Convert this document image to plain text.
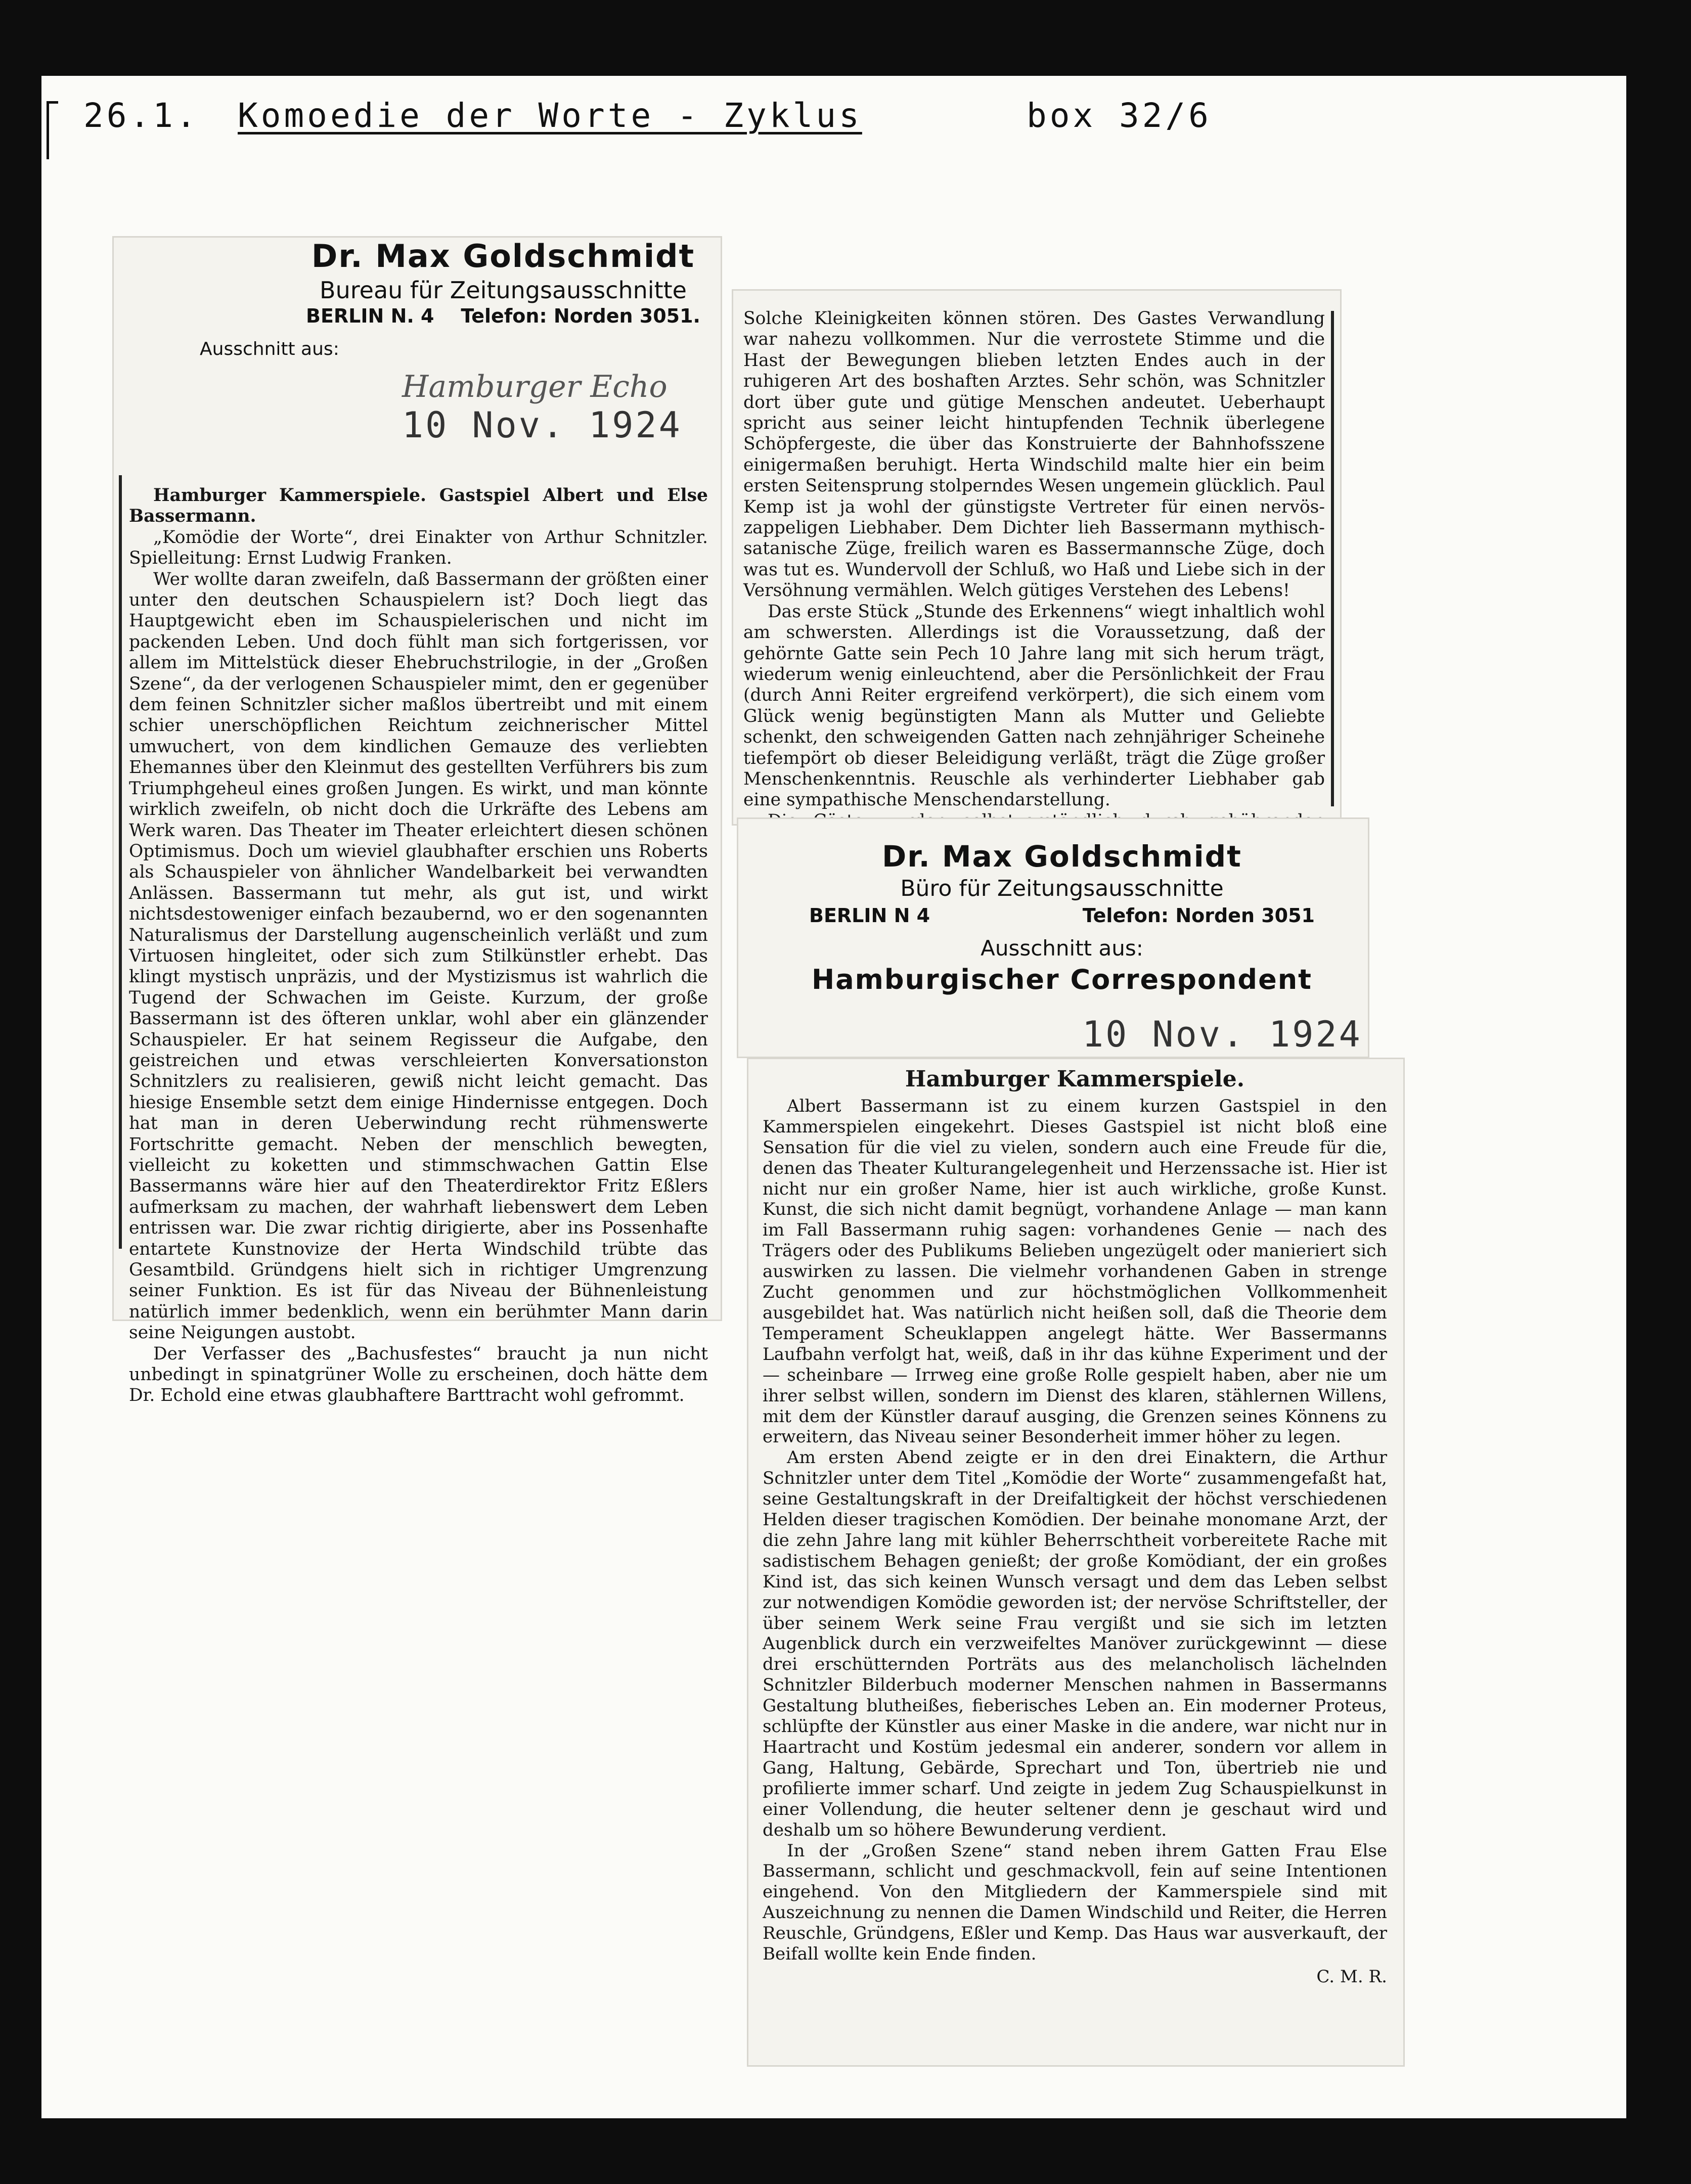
26.1. Komoedie der Worte - Zyklus	box 32/6
Dr. Max Goldschmidt
Bureau für Zeitungsausschnitte
BERLIN N. 4 Telefon: Norden 3051.
Ausschnitt aus:
Hamburger Echo
10 Nov. 1924

Hamburger Kammerspiele. Gastspiel Albert und Else Bassermann.

„Komödie der Worte“, drei Einakter von Arthur Schnitzler. Spielleitung: Ernst Ludwig Franken.

Wer wollte daran zweifeln, daß Bassermann der größten einer unter den deutschen Schauspielern ist? Doch liegt das Hauptgewicht eben im Schauspielerischen und nicht im packenden Leben. Und doch fühlt man sich fortgerissen, vor allem im Mittelstück dieser Ehebruchstrilogie, in der „Großen Szene“, da der verlogenen Schauspieler mimt, den er gegenüber dem feinen Schnitzler sicher maßlos übertreibt und mit einem schier unerschöpflichen Reichtum zeichnerischer Mittel umwuchert, von dem kindlichen Gemauze des verliebten Ehemannes über den Kleinmut des gestellten Verführers bis zum Triumphgeheul eines großen Jungen. Es wirkt, und man könnte wirklich zweifeln, ob nicht doch die Urkräfte des Lebens am Werk waren. Das Theater im Theater erleichtert diesen schönen Optimismus. Doch um wieviel glaubhafter erschien uns Roberts als Schauspieler von ähnlicher Wandelbarkeit bei verwandten Anlässen. Bassermann tut mehr, als gut ist, und wirkt nichtsdestoweniger einfach bezaubernd, wo er den sogenannten Naturalismus der Darstellung augenscheinlich verläßt und zum Virtuosen hingleitet, oder sich zum Stilkünstler erhebt. Das klingt mystisch unpräzis, und der Mystizismus ist wahrlich die Tugend der Schwachen im Geiste. Kurzum, der große Bassermann ist des öfteren unklar, wohl aber ein glänzender Schauspieler. Er hat seinem Regisseur die Aufgabe, den geistreichen und etwas verschleierten Konversationston Schnitzlers zu realisieren, gewiß nicht leicht gemacht. Das hiesige Ensemble setzt dem einige Hindernisse entgegen. Doch hat man in deren Ueberwindung recht rühmenswerte Fortschritte gemacht. Neben der menschlich bewegten, vielleicht zu koketten und stimmschwachen Gattin Else Bassermanns wäre hier auf den Theaterdirektor Fritz Eßlers aufmerksam zu machen, der wahrhaft liebenswert dem Leben entrissen war. Die zwar richtig dirigierte, aber ins Possenhafte entartete Kunstnovize der Herta Windschild trübte das Gesamtbild. Gründgens hielt sich in richtiger Umgrenzung seiner Funktion. Es ist für das Niveau der Bühnenleistung natürlich immer bedenklich, wenn ein berühmter Mann darin seine Neigungen austobt.

Der Verfasser des „Bachusfestes“ braucht ja nun nicht unbedingt in spinatgrüner Wolle zu erscheinen, doch hätte dem Dr. Echold eine etwas glaubhaftere Barttracht wohl gefrommt.

Solche Kleinigkeiten können stören. Des Gastes Verwandlung war nahezu vollkommen. Nur die verrostete Stimme und die Hast der Bewegungen blieben letzten Endes auch in der ruhigeren Art des boshaften Arztes. Sehr schön, was Schnitzler dort über gute und gütige Menschen andeutet. Ueberhaupt spricht aus seiner leicht hintupfenden Technik überlegene Schöpfergeste, die über das Konstruierte der Bahnhofsszene einigermaßen beruhigt. Herta Windschild malte hier ein beim ersten Seitensprung stolperndes Wesen ungemein glücklich. Paul Kemp ist ja wohl der günstigste Vertreter für einen nervös-zappeligen Liebhaber. Dem Dichter lieh Bassermann mythisch-satanische Züge, freilich waren es Bassermannsche Züge, doch was tut es. Wundervoll der Schluß, wo Haß und Liebe sich in der Versöhnung vermählen. Welch gütiges Verstehen des Lebens!

Das erste Stück „Stunde des Erkennens“ wiegt inhaltlich wohl am schwersten. Allerdings ist die Voraussetzung, daß der gehörnte Gatte sein Pech 10 Jahre lang mit sich herum trägt, wiederum wenig einleuchtend, aber die Persönlichkeit der Frau (durch Anni Reiter ergreifend verkörpert), die sich einem vom Glück wenig begünstigten Mann als Mutter und Geliebte schenkt, den schweigenden Gatten nach zehnjähriger Scheinehe tiefempört ob dieser Beleidigung verläßt, trägt die Züge großer Menschenkenntnis. Reuschle als verhinderter Liebhaber gab eine sympathische Menschendarstellung.

Dr. Max Goldschmidt
Büro für Zeitungsausschnitte
BERLIN N 4	Telefon: Norden 3051
Ausschnitt aus:
Hamburgischer Correspondent
10 Nov. 1924
Hamburger Kammerspiele.

Albert Bassermann ist zu einem kurzen Gastspiel in den Kammerspielen eingekehrt. Dieses Gastspiel ist nicht bloß eine Sensation für die viel zu vielen, sondern auch eine Freude für die, denen das Theater Kulturangelegenheit und Herzenssache ist. Hier ist nicht nur ein großer Name, hier ist auch wirkliche, große Kunst. Kunst, die sich nicht damit begnügt, vorhandene Anlage — man kann im Fall Bassermann ruhig sagen: vorhandenes Genie — nach des Trägers oder des Publikums Belieben ungezügelt oder manieriert sich auswirken zu lassen. Die vielmehr vorhandenen Gaben in strenge Zucht genommen und zur höchstmöglichen Vollkommenheit ausgebildet hat. Was natürlich nicht heißen soll, daß die Theorie dem Temperament Scheuklappen angelegt hätte. Wer Bassermanns Laufbahn verfolgt hat, weiß, daß in ihr das kühne Experiment und der — scheinbare — Irrweg eine große Rolle gespielt haben, aber nie um ihrer selbst willen, sondern im Dienst des klaren, stählernen Willens, mit dem der Künstler darauf ausging, die Grenzen seines Könnens zu erweitern, das Niveau seiner Besonderheit immer höher zu legen.

Am ersten Abend zeigte er in den drei Einaktern, die Arthur Schnitzler unter dem Titel „Komödie der Worte“ zusammengefaßt hat, seine Gestaltungskraft in der Dreifaltigkeit der höchst verschiedenen Helden dieser tragischen Komödien. Der beinahe monomane Arzt, der die zehn Jahre lang mit kühler Beherrschtheit vorbereitete Rache mit sadistischem Behagen genießt; der große Komödiant, der ein großes Kind ist, das sich keinen Wunsch versagt und dem das Leben selbst zur notwendigen Komödie geworden ist; der nervöse Schriftsteller, der über seinem Werk seine Frau vergißt und sie sich im letzten Augenblick durch ein verzweifeltes Manöver zurückgewinnt — diese drei erschütternden Porträts aus des melancholisch lächelnden Schnitzler Bilderbuch moderner Menschen nahmen in Bassermanns Gestaltung blutheißes, fieberisches Leben an. Ein moderner Proteus, schlüpfte der Künstler aus einer Maske in die andere, war nicht nur in Haartracht und Kostüm jedesmal ein anderer, sondern vor allem in Gang, Haltung, Gebärde, Sprechart und Ton, übertrieb nie und profilierte immer scharf. Und zeigte in jedem Zug Schauspielkunst in einer Vollendung, die heuter seltener denn je geschaut wird und deshalb um so höhere Bewunderung verdient.

In der „Großen Szene“ stand neben ihrem Gatten Frau Else Bassermann, schlicht und geschmackvoll, fein auf seine Intentionen eingehend. Von den Mitgliedern der Kammerspiele sind mit Auszeichnung zu nennen die Damen Windschild und Reiter, die Herren Reuschle, Gründgens, Eßler und Kemp. Das Haus war ausverkauft, der Beifall wollte kein Ende finden.

C. M. R.
